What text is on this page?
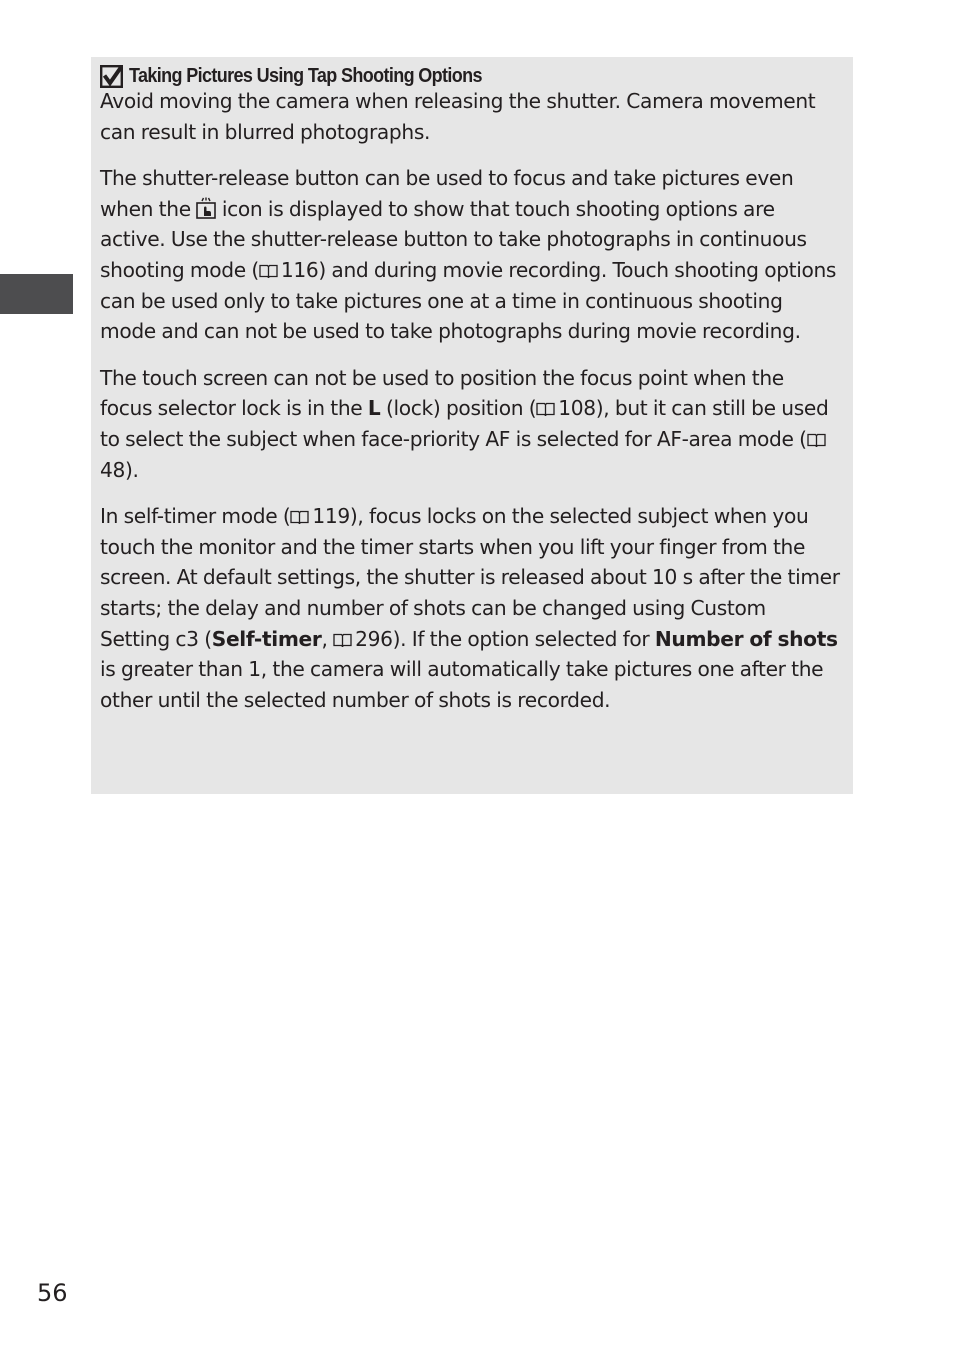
Taking Pictures Using Tap Shooting Options

Avoid moving the camera when releasing the shutter. Camera movement can result in blurred photographs.

The shutter-release button can be used to focus and take pictures even when the  icon is displayed to show that touch shooting options are active. Use the shutter-release button to take photographs in continuous shooting mode ( 116) and during movie recording. Touch shooting options can be used only to take pictures one at a time in continuous shooting mode and can not be used to take photographs during movie recording.

The touch screen can not be used to position the focus point when the focus selector lock is in the L (lock) position ( 108), but it can still be used to select the subject when face-priority AF is selected for AF-area mode (48).

In self-timer mode ( 119), focus locks on the selected subject when you touch the monitor and the timer starts when you lift your finger from the screen. At default settings, the shutter is released about 10 s after the timer starts; the delay and number of shots can be changed using Custom Setting c3 (Self-timer, 296). If the option selected for Number of shots is greater than 1, the camera will automatically take pictures one after the other until the selected number of shots is recorded.

56
